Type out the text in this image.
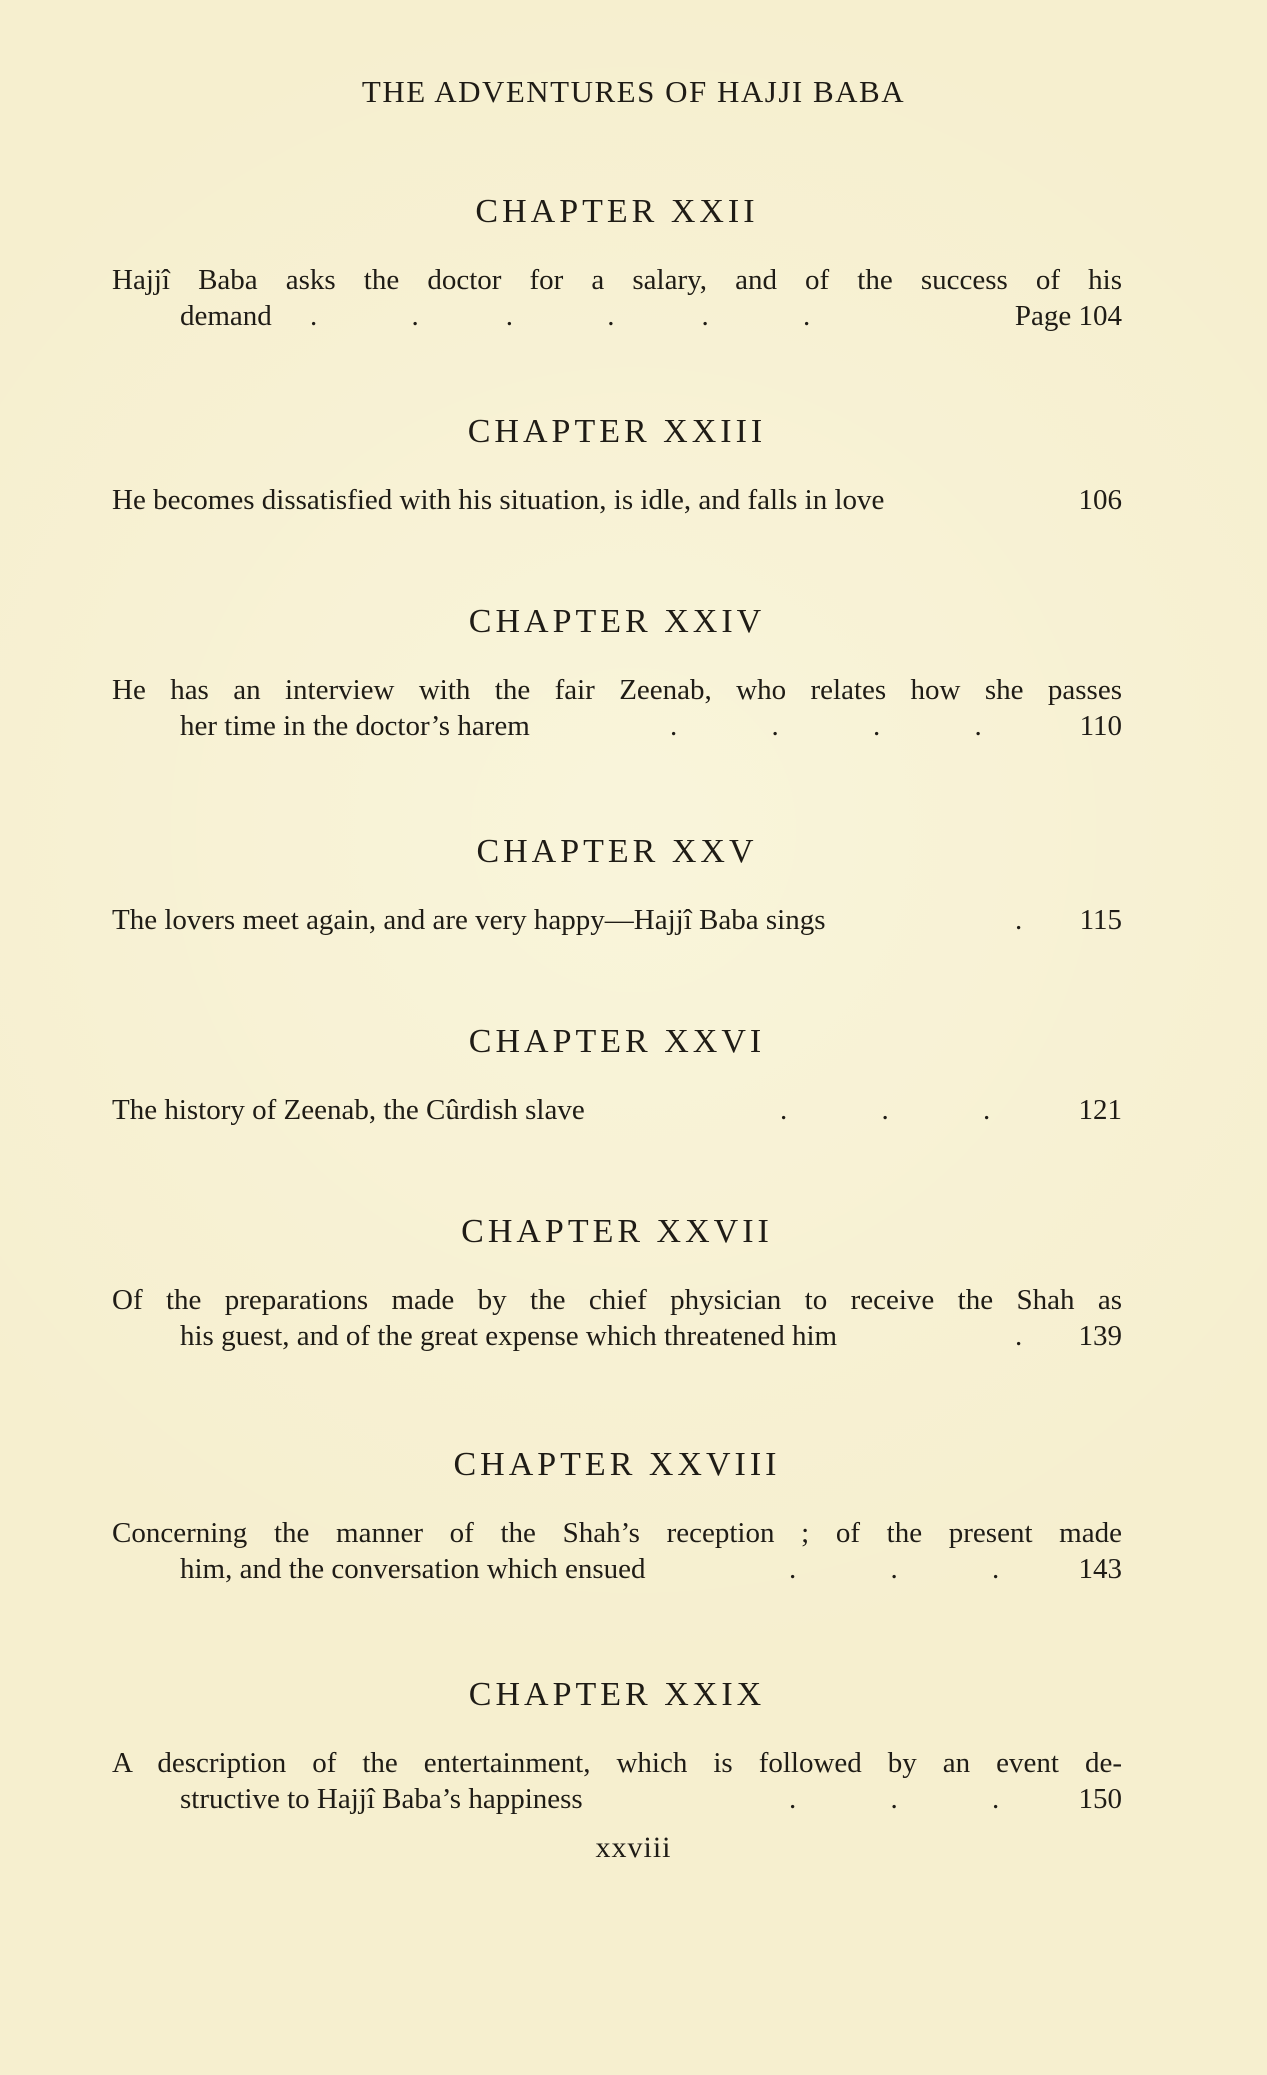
THE ADVENTURES OF HAJJI BABA
CHAPTER XXII
Hajjî Baba asks the doctor for a salary, and of the success of his
demand .             .            .             .            .             .	Page 104
CHAPTER XXIII
He becomes dissatisfied with his situation, is idle, and falls in love	106
CHAPTER XXIV
He has an interview with the fair Zeenab, who relates how she passes
her time in the doctor’s harem	.             .             .             .	110
CHAPTER XXV
The lovers meet again, and are very happy—Hajjî Baba sings	. 115
CHAPTER XXVI
The history of Zeenab, the Cûrdish slave	.             .             .	121
CHAPTER XXVII
Of the preparations made by the chief physician to receive the Shah as
his guest, and of the great expense which threatened him	. 139
CHAPTER XXVIII
Concerning the manner of the Shah’s reception ; of the present made
him, and the conversation which ensued	.             .             .	143
CHAPTER XXIX
A description of the entertainment, which is followed by an event de-
structive to Hajjî Baba’s happiness	.             .             .	150
xxviii
